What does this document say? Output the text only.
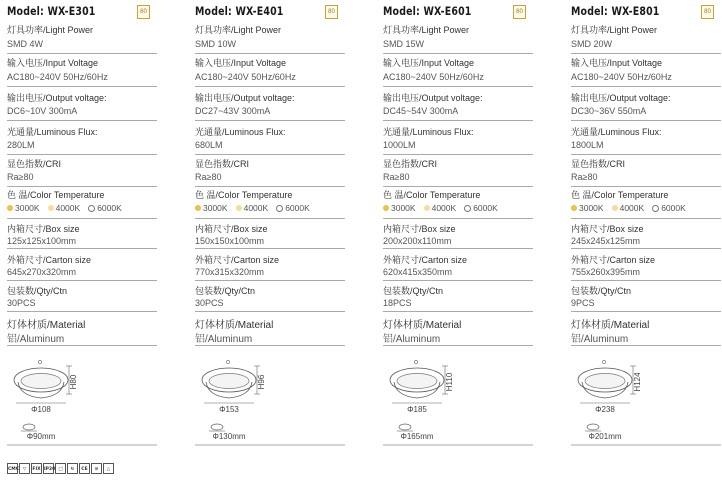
Model: WX-E301	80
灯具功率/Light Power
SMD 4W
输入电压/Input Voltage
AC180~240V 50Hz/60Hz
输出电压/Output voltage:
DC6~10V 300mA
光通量/Luminous Flux:
280LM
显色指数/CRI
Ra≥80
色 温/Color Temperature
3000K 4000K 6000K
内箱尺寸/Box size
125x125x100mm
外箱尺寸/Carton size
645x270x320mm
包装数/Qty/Ctn
30PCS
灯体材质/Material
铝/Aluminum
H80
Φ108
Φ90mm
Model: WX-E401	80
灯具功率/Light Power
SMD 10W
输入电压/Input Voltage
AC180~240V 50Hz/60Hz
输出电压/Output voltage:
DC27~43V 300mA
光通量/Luminous Flux:
680LM
显色指数/CRI
Ra≥80
色 温/Color Temperature
3000K 4000K 6000K
内箱尺寸/Box size
150x150x100mm
外箱尺寸/Carton size
770x315x320mm
包装数/Qty/Ctn
30PCS
灯体材质/Material
铝/Aluminum
H96
Φ153
Φ130mm
Model: WX-E601	80
灯具功率/Light Power
SMD 15W
输入电压/Input Voltage
AC180~240V 50Hz/60Hz
输出电压/Output voltage:
DC45~54V 300mA
光通量/Luminous Flux:
1000LM
显色指数/CRI
Ra≥80
色 温/Color Temperature
3000K 4000K 6000K
内箱尺寸/Box size
200x200x110mm
外箱尺寸/Carton size
620x415x350mm
包装数/Qty/Ctn
18PCS
灯体材质/Material
铝/Aluminum
H110
Φ185
Φ165mm
Model: WX-E801	80
灯具功率/Light Power
SMD 20W
输入电压/Input Voltage
AC180~240V 50Hz/60Hz
输出电压/Output voltage:
DC30~36V 550mA
光通量/Luminous Flux:
1800LM
显色指数/CRI
Ra≥80
色 温/Color Temperature
3000K 4000K 6000K
内箱尺寸/Box size
245x245x125mm
外箱尺寸/Carton size
755x260x395mm
包装数/Qty/Ctn
9PCS
灯体材质/Material
铝/Aluminum
H124
Φ238
Φ201mm
CMC ▽	FIX IP20 □	↻	CE	⊘	△
